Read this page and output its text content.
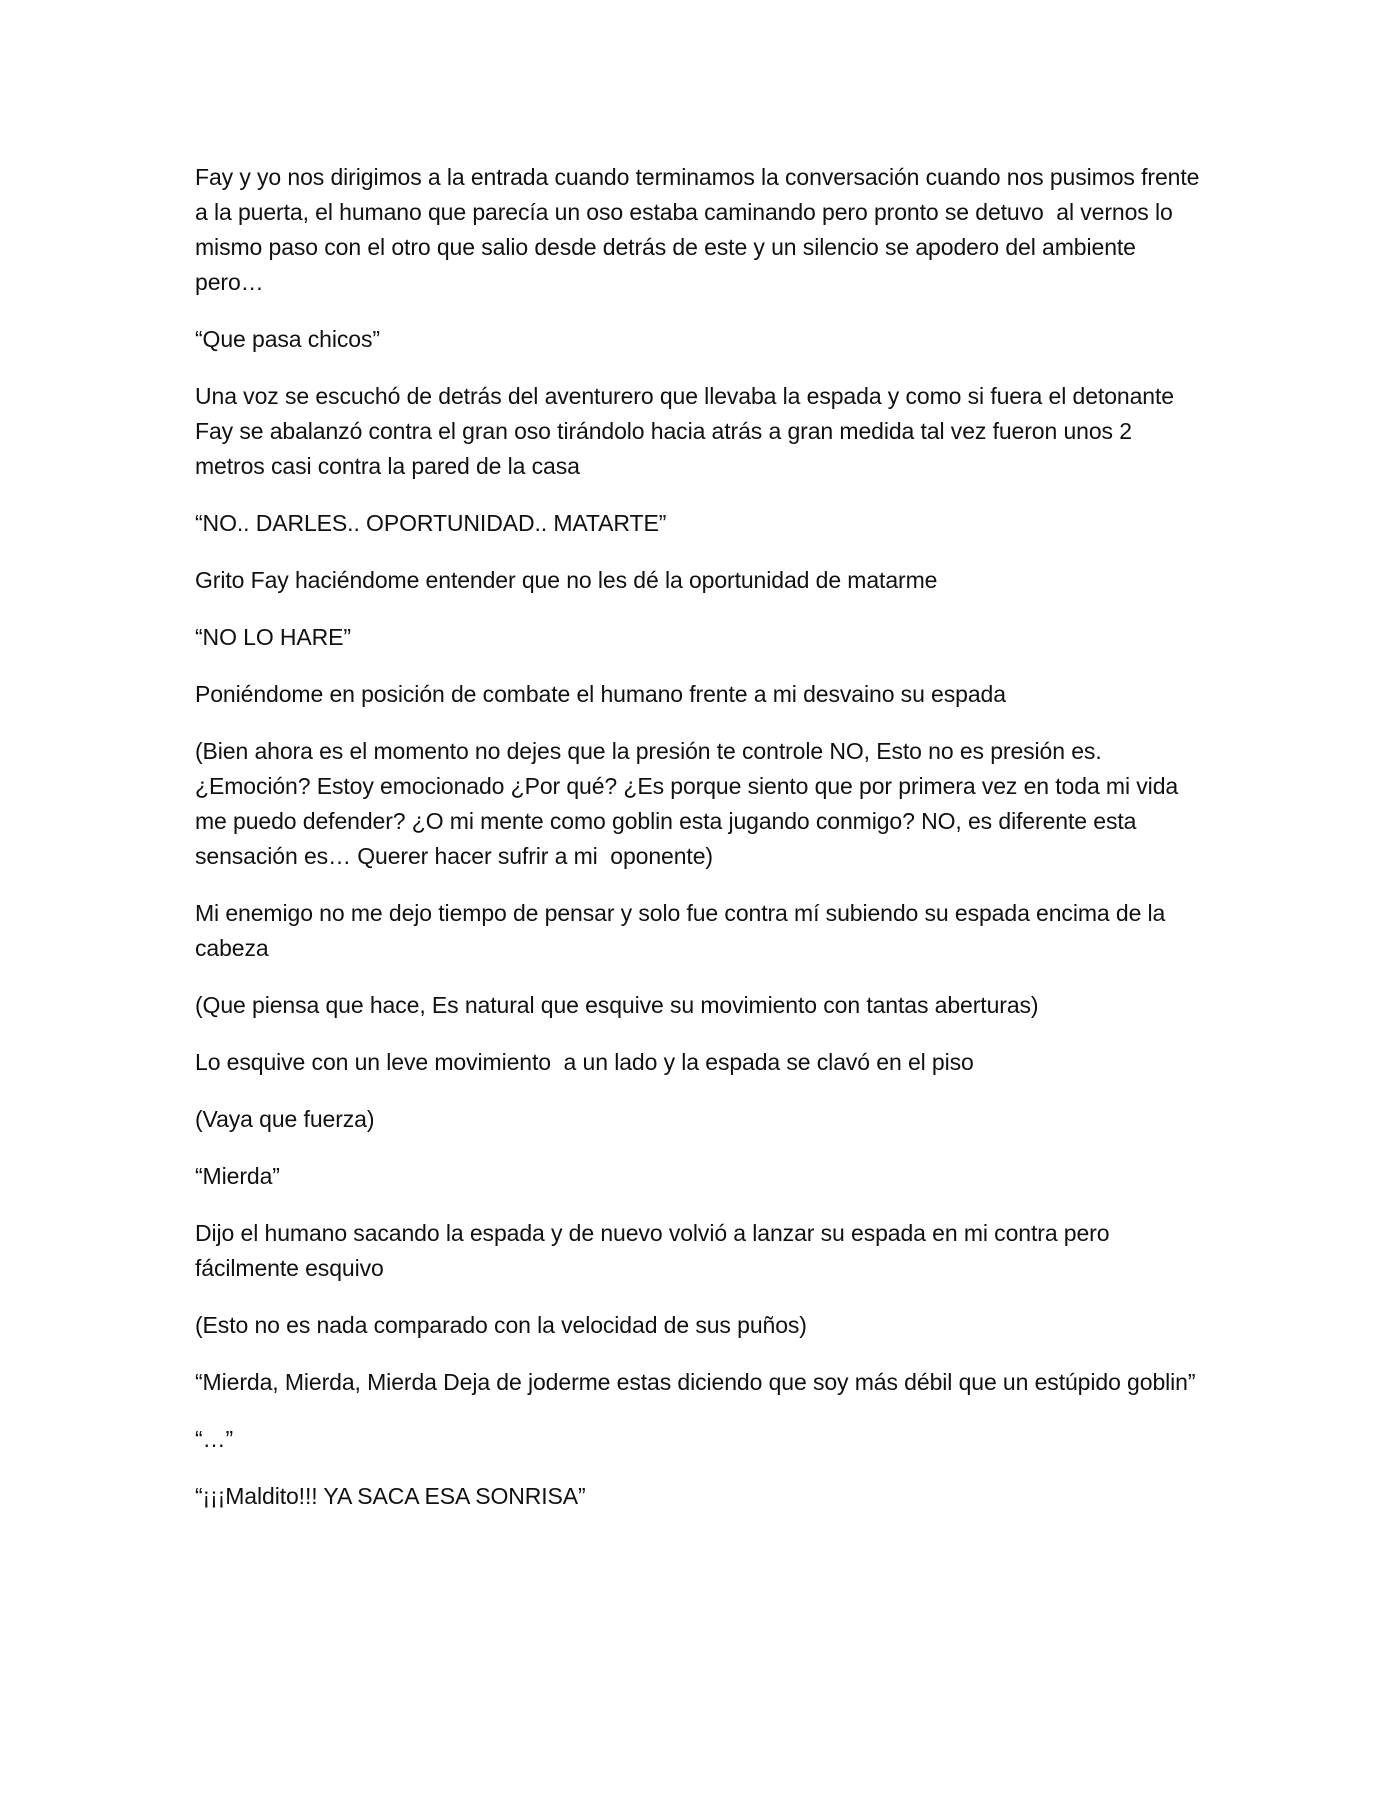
Fay y yo nos dirigimos a la entrada cuando terminamos la conversación cuando nos pusimos frente a la puerta, el humano que parecía un oso estaba caminando pero pronto se detuvo  al vernos lo mismo paso con el otro que salio desde detrás de este y un silencio se apodero del ambiente pero…

“Que pasa chicos”

Una voz se escuchó de detrás del aventurero que llevaba la espada y como si fuera el detonante Fay se abalanzó contra el gran oso tirándolo hacia atrás a gran medida tal vez fueron unos 2 metros casi contra la pared de la casa

“NO.. DARLES.. OPORTUNIDAD.. MATARTE”

Grito Fay haciéndome entender que no les dé la oportunidad de matarme

“NO LO HARE”

Poniéndome en posición de combate el humano frente a mi desvaino su espada

(Bien ahora es el momento no dejes que la presión te controle NO, Esto no es presión es. ¿Emoción? Estoy emocionado ¿Por qué? ¿Es porque siento que por primera vez en toda mi vida me puedo defender? ¿O mi mente como goblin esta jugando conmigo? NO, es diferente esta sensación es… Querer hacer sufrir a mi  oponente)

Mi enemigo no me dejo tiempo de pensar y solo fue contra mí subiendo su espada encima de la cabeza

(Que piensa que hace, Es natural que esquive su movimiento con tantas aberturas)

Lo esquive con un leve movimiento  a un lado y la espada se clavó en el piso

(Vaya que fuerza)

“Mierda”

Dijo el humano sacando la espada y de nuevo volvió a lanzar su espada en mi contra pero fácilmente esquivo

(Esto no es nada comparado con la velocidad de sus puños)

“Mierda, Mierda, Mierda Deja de joderme estas diciendo que soy más débil que un estúpido goblin”

“…”

“¡¡¡Maldito!!! YA SACA ESA SONRISA”
